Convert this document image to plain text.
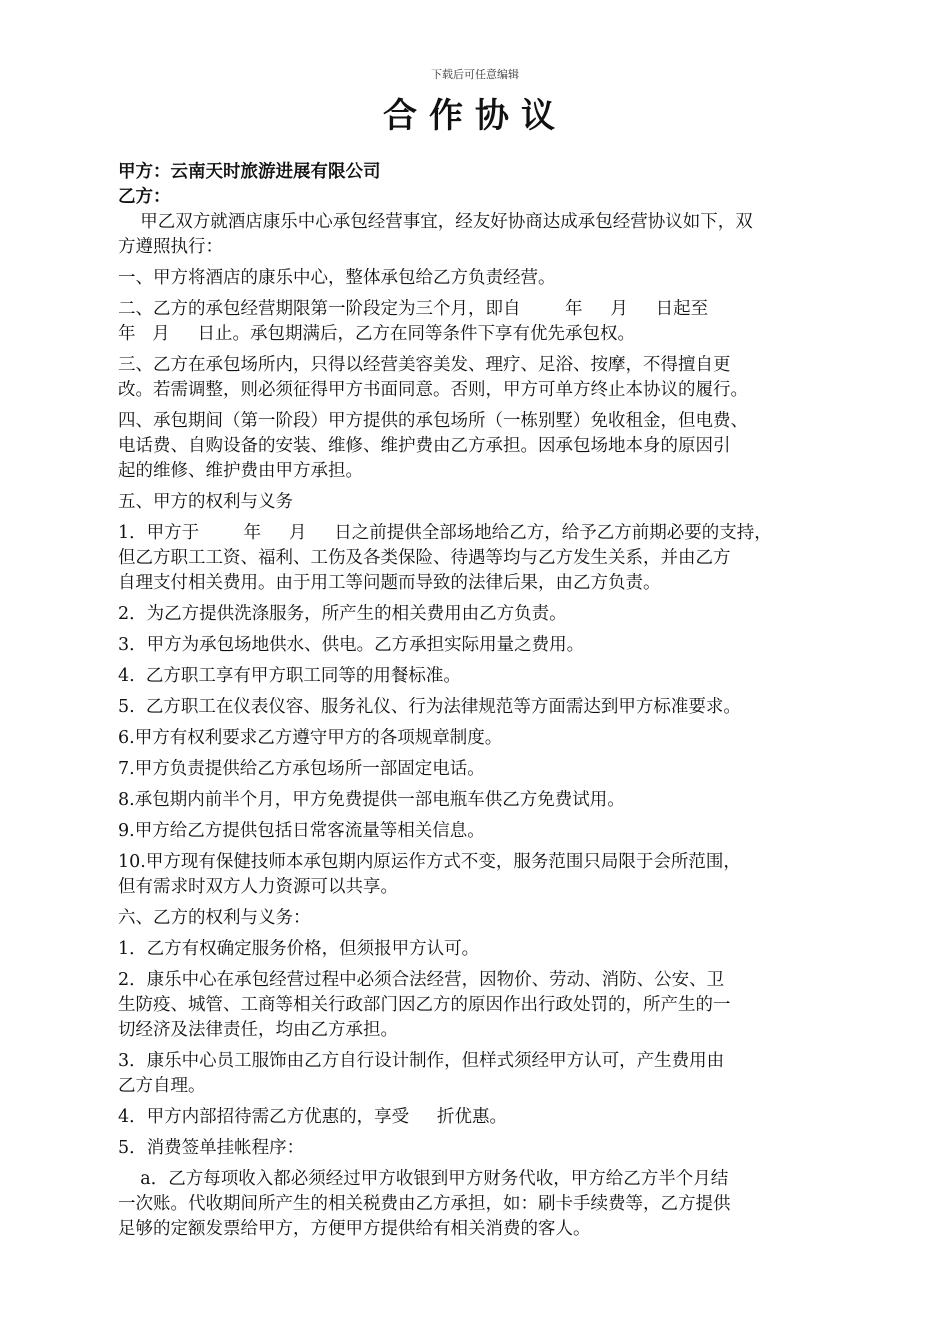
下载后可任意编辑
合作协议

甲方：云南天时旅游进展有限公司

乙方：

甲乙双方就酒店康乐中心承包经营事宜，经友好协商达成承包经营协议如下，双

方遵照执行：

一、甲方将酒店的康乐中心，整体承包给乙方负责经营。

二、乙方的承包经营期限第一阶段定为三个月，即自        年     月     日起至

年   月     日止。承包期满后，乙方在同等条件下享有优先承包权。

三、乙方在承包场所内，只得以经营美容美发、理疗、足浴、按摩，不得擅自更

改。若需调整，则必须征得甲方书面同意。否则，甲方可单方终止本协议的履行。

四、承包期间（第一阶段）甲方提供的承包场所（一栋别墅）免收租金，但电费、

电话费、自购设备的安装、维修、维护费由乙方承担。因承包场地本身的原因引

起的维修、维护费由甲方承担。

五、甲方的权利与义务

1．甲方于        年     月     日之前提供全部场地给乙方，给予乙方前期必要的支持，

但乙方职工工资、福利、工伤及各类保险、待遇等均与乙方发生关系，并由乙方

自理支付相关费用。由于用工等问题而导致的法律后果，由乙方负责。

2．为乙方提供洗涤服务，所产生的相关费用由乙方负责。

3．甲方为承包场地供水、供电。乙方承担实际用量之费用。

4.  乙方职工享有甲方职工同等的用餐标准。

5.  乙方职工在仪表仪容、服务礼仪、行为法律规范等方面需达到甲方标准要求。

6.甲方有权利要求乙方遵守甲方的各项规章制度。

7.甲方负责提供给乙方承包场所一部固定电话。

8.承包期内前半个月，甲方免费提供一部电瓶车供乙方免费试用。

9.甲方给乙方提供包括日常客流量等相关信息。

10.甲方现有保健技师本承包期内原运作方式不变，服务范围只局限于会所范围，

但有需求时双方人力资源可以共享。

六、乙方的权利与义务：

1．乙方有权确定服务价格，但须报甲方认可。

2．康乐中心在承包经营过程中必须合法经营，因物价、劳动、消防、公安、卫

生防疫、城管、工商等相关行政部门因乙方的原因作出行政处罚的，所产生的一

切经济及法律责任，均由乙方承担。

3．康乐中心员工服饰由乙方自行设计制作，但样式须经甲方认可，产生费用由

乙方自理。

4．甲方内部招待需乙方优惠的，享受     折优惠。

5．消费签单挂帐程序：

a．乙方每项收入都必须经过甲方收银到甲方财务代收，甲方给乙方半个月结

一次账。代收期间所产生的相关税费由乙方承担，如：刷卡手续费等，乙方提供

足够的定额发票给甲方，方便甲方提供给有相关消费的客人。
